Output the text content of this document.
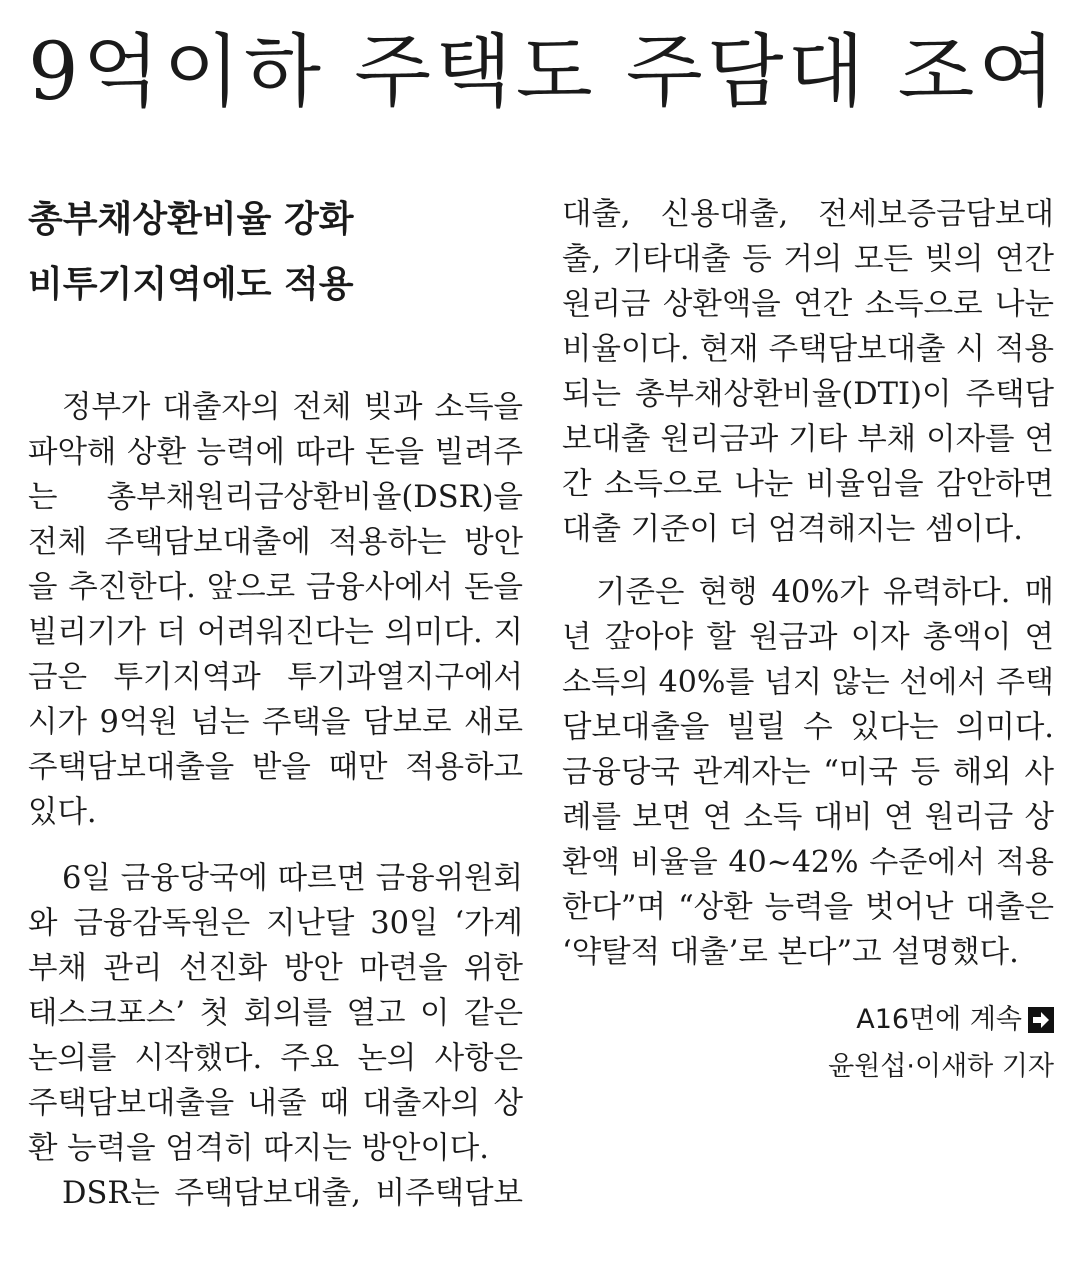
9억이하 주택도 주담대 조여
총부채상환비율 강화
비투기지역에도 적용
정부가 대출자의 전체 빚과 소득을
파악해 상환 능력에 따라 돈을 빌려주
는 총부채원리금상환비율(DSR)을
전체 주택담보대출에 적용하는 방안
을 추진한다. 앞으로 금융사에서 돈을
빌리기가 더 어려워진다는 의미다. 지
금은 투기지역과 투기과열지구에서
시가 9억원 넘는 주택을 담보로 새로
주택담보대출을 받을 때만 적용하고
있다.
6일 금융당국에 따르면 금융위원회
와 금융감독원은 지난달 30일 ‘가계
부채 관리 선진화 방안 마련을 위한
태스크포스’ 첫 회의를 열고 이 같은
논의를 시작했다. 주요 논의 사항은
주택담보대출을 내줄 때 대출자의 상
환 능력을 엄격히 따지는 방안이다.
DSR는 주택담보대출, 비주택담보
대출, 신용대출, 전세보증금담보대
출, 기타대출 등 거의 모든 빚의 연간
원리금 상환액을 연간 소득으로 나눈
비율이다. 현재 주택담보대출 시 적용
되는 총부채상환비율(DTI)이 주택담
보대출 원리금과 기타 부채 이자를 연
간 소득으로 나눈 비율임을 감안하면
대출 기준이 더 엄격해지는 셈이다.
기준은 현행 40%가 유력하다. 매
년 갚아야 할 원금과 이자 총액이 연
소득의 40%를 넘지 않는 선에서 주택
담보대출을 빌릴 수 있다는 의미다.
금융당국 관계자는 “미국 등 해외 사
례를 보면 연 소득 대비 연 원리금 상
환액 비율을 40~42% 수준에서 적용
한다”며 “상환 능력을 벗어난 대출은
‘약탈적 대출’로 본다”고 설명했다.
A16면에 계속
윤원섭·이새하 기자
